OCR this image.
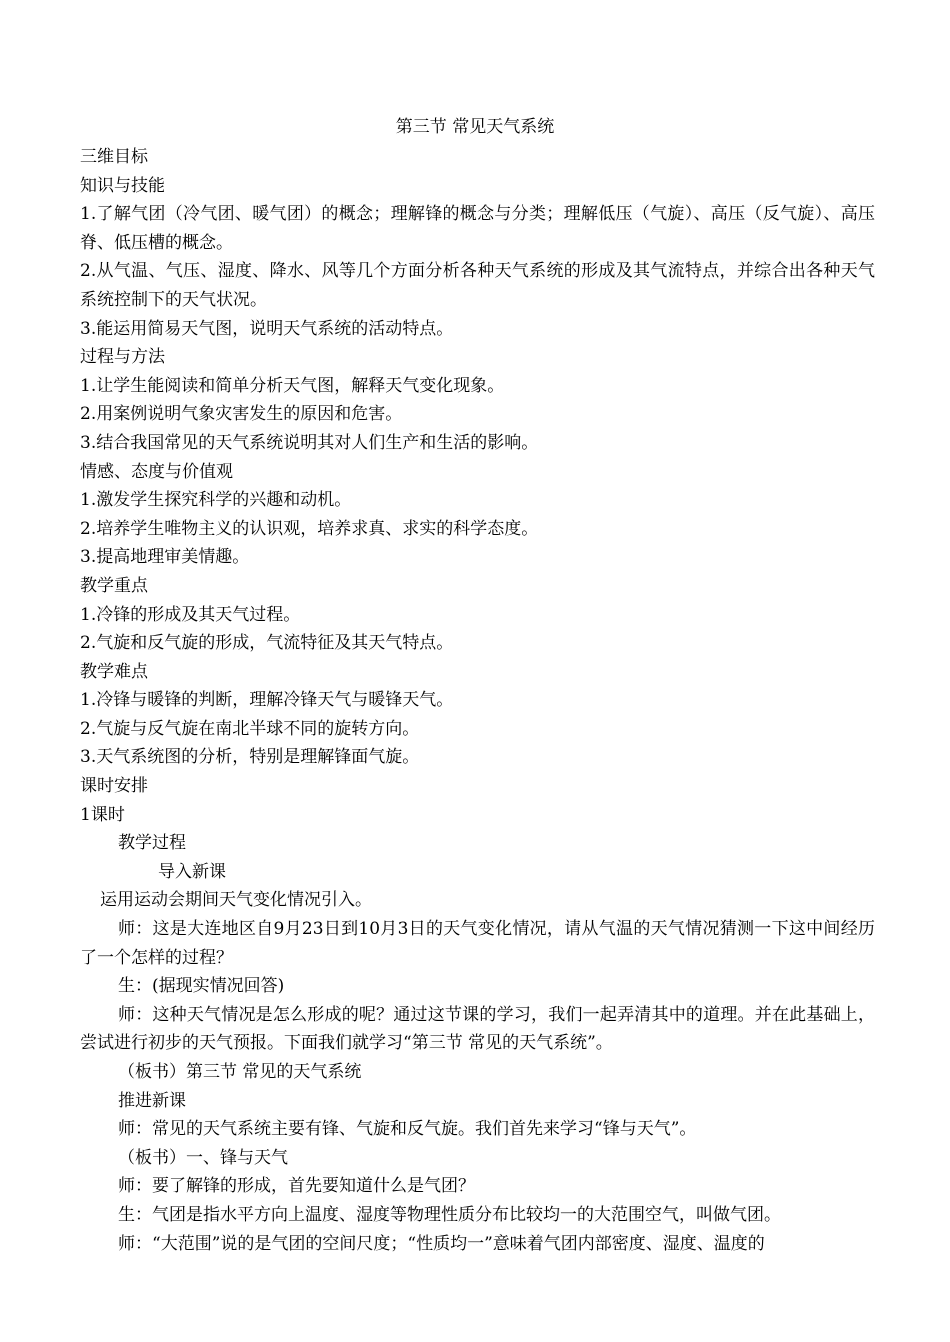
第三节 常见天气系统

三维目标

知识与技能

1.了解气团（冷气团、暖气团）的概念；理解锋的概念与分类；理解低压（气旋）、高压（反气旋）、高压脊、低压槽的概念。

2.从气温、气压、湿度、降水、风等几个方面分析各种天气系统的形成及其气流特点，并综合出各种天气系统控制下的天气状况。

3.能运用简易天气图，说明天气系统的活动特点。

过程与方法

1.让学生能阅读和简单分析天气图，解释天气变化现象。

2.用案例说明气象灾害发生的原因和危害。

3.结合我国常见的天气系统说明其对人们生产和生活的影响。

情感、态度与价值观

1.激发学生探究科学的兴趣和动机。

2.培养学生唯物主义的认识观，培养求真、求实的科学态度。

3.提高地理审美情趣。

教学重点

1.冷锋的形成及其天气过程。

2.气旋和反气旋的形成，气流特征及其天气特点。

教学难点

1.冷锋与暖锋的判断，理解冷锋天气与暖锋天气。

2.气旋与反气旋在南北半球不同的旋转方向。

3.天气系统图的分析，特别是理解锋面气旋。

课时安排

1课时

教学过程

导入新课

运用运动会期间天气变化情况引入。

师：这是大连地区自9月23日到10月3日的天气变化情况，请从气温的天气情况猜测一下这中间经历了一个怎样的过程？

生：(据现实情况回答)

师：这种天气情况是怎么形成的呢？通过这节课的学习，我们一起弄清其中的道理。并在此基础上，尝试进行初步的天气预报。下面我们就学习“第三节 常见的天气系统”。

（板书）第三节 常见的天气系统

推进新课

师：常见的天气系统主要有锋、气旋和反气旋。我们首先来学习“锋与天气”。

（板书）一、锋与天气

师：要了解锋的形成，首先要知道什么是气团？

生：气团是指水平方向上温度、湿度等物理性质分布比较均一的大范围空气，叫做气团。

师：“大范围”说的是气团的空间尺度；“性质均一”意味着气团内部密度、湿度、温度的
